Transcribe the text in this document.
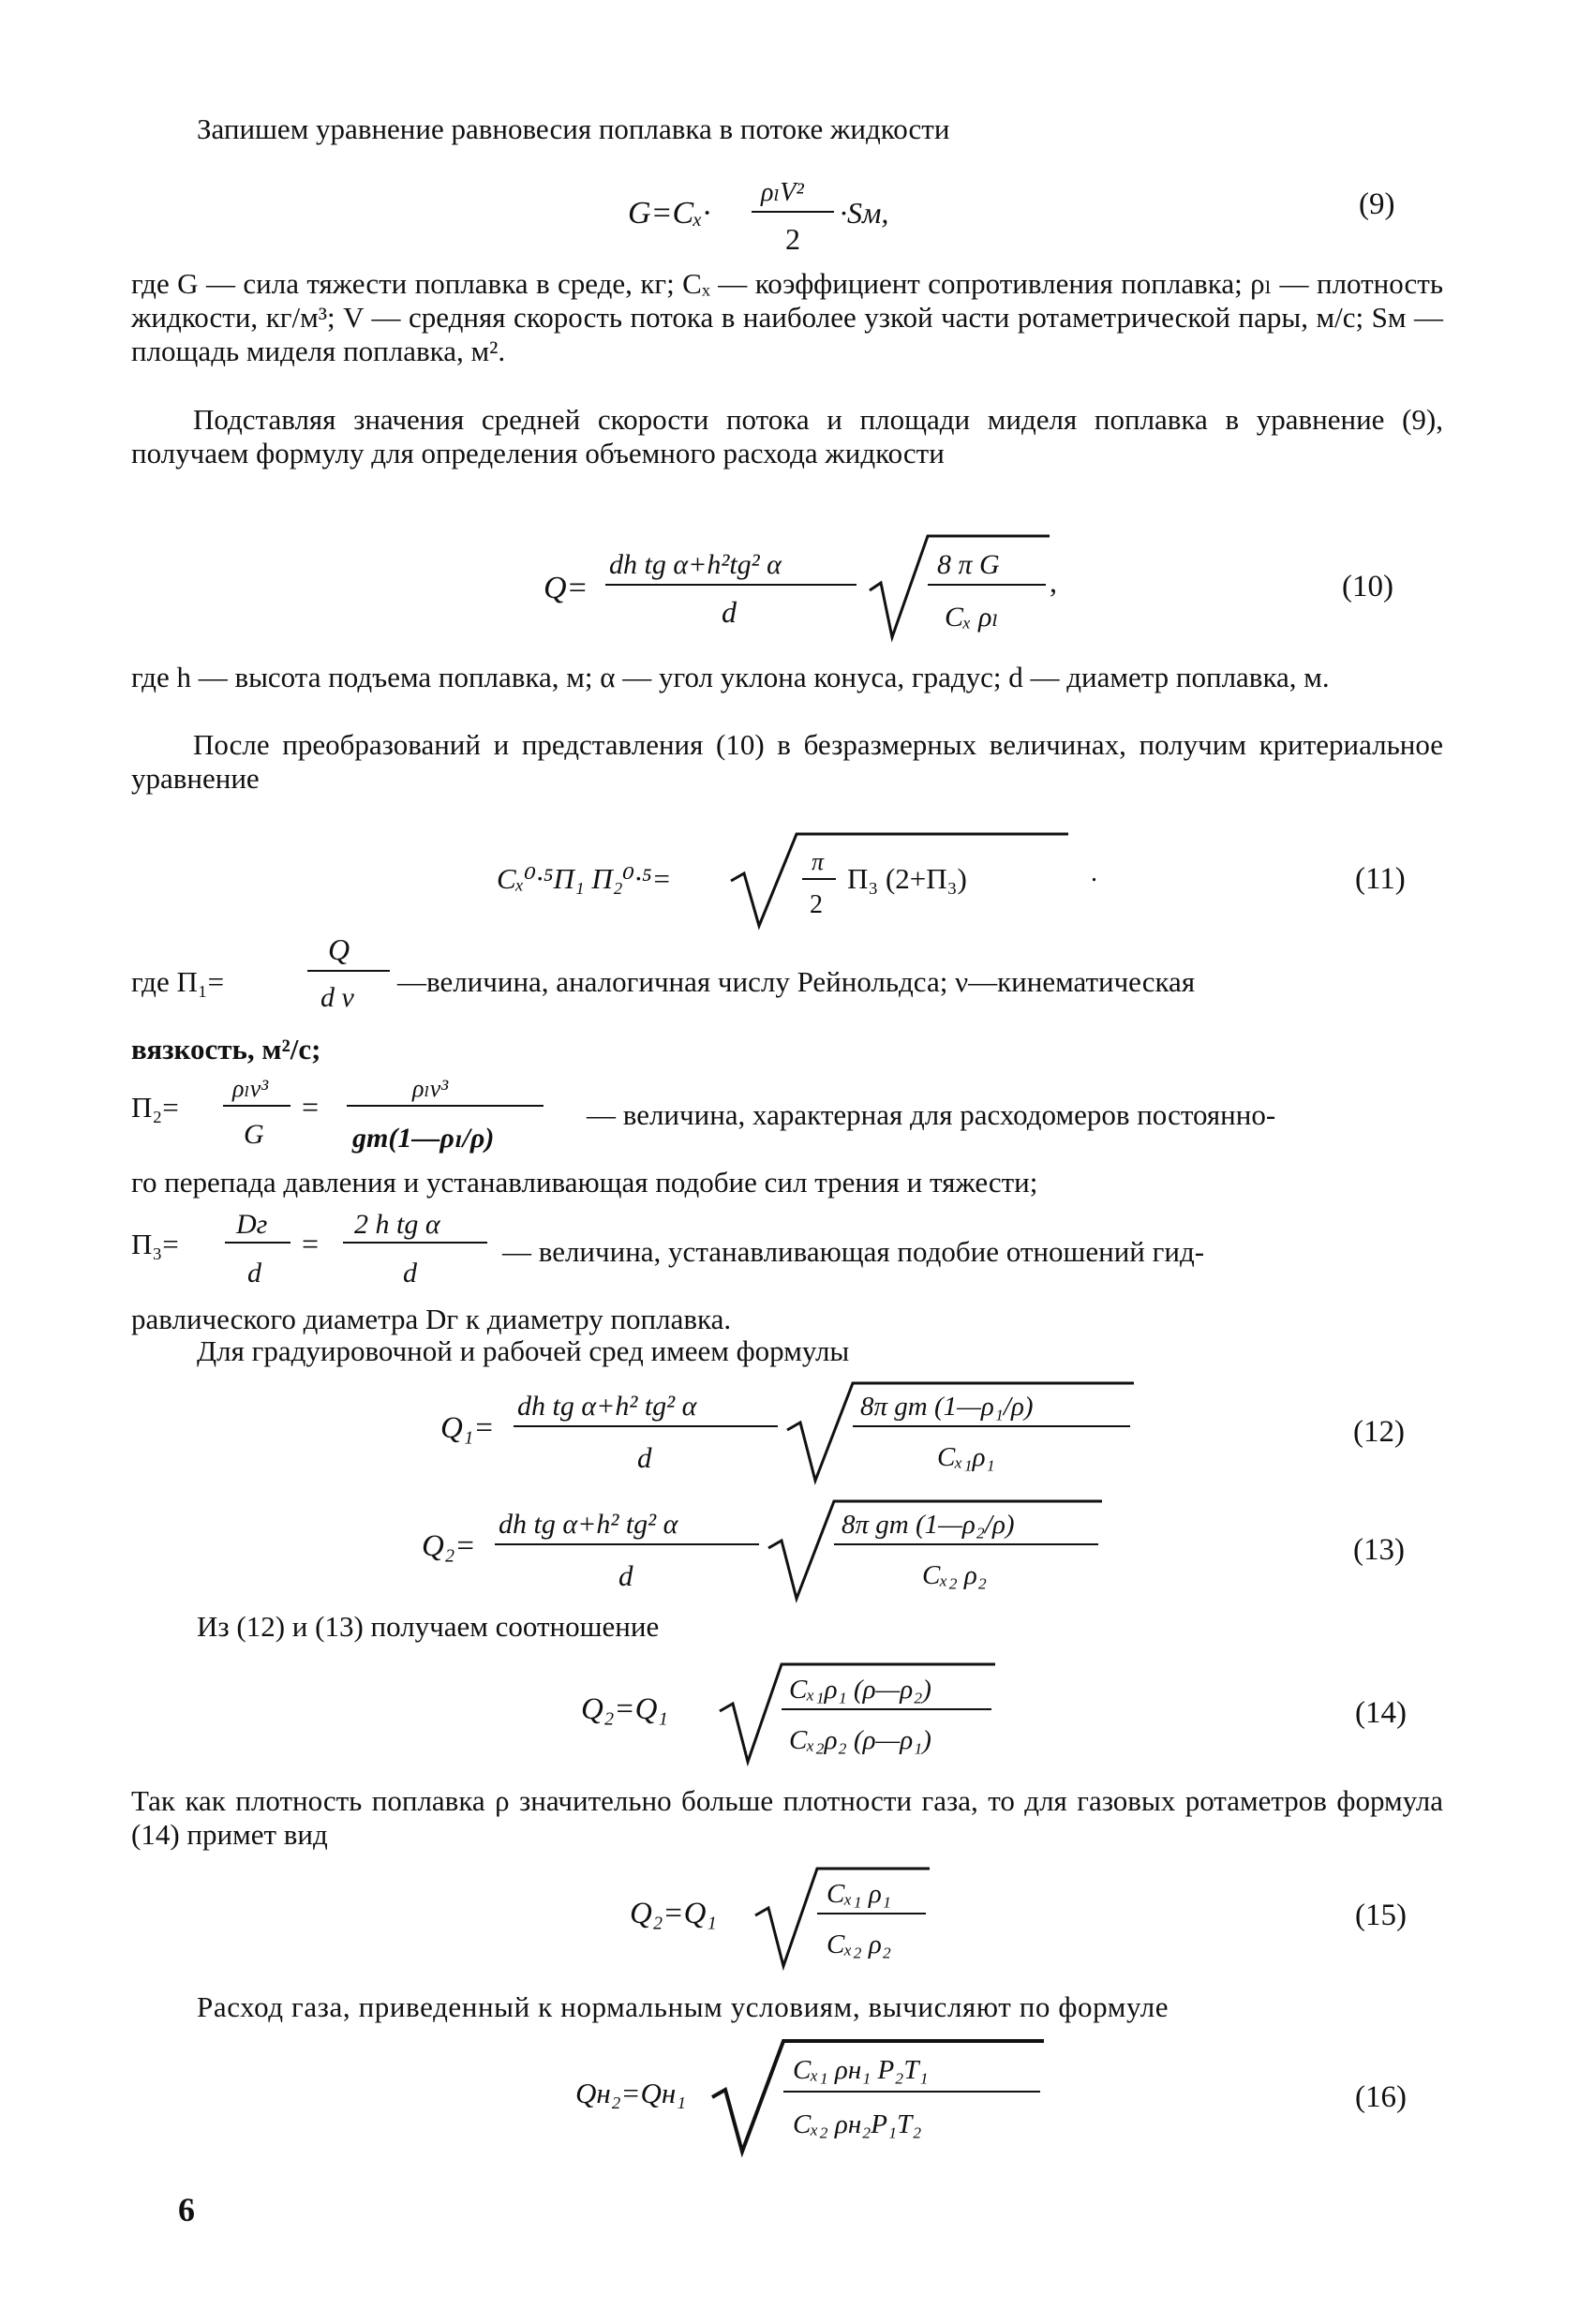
Запишем уравнение равновесия поплавка в потоке жидкости
G=Cₓ·
ρₗV²
2
·Sм,	(9)
где G — сила тяжести поплавка в среде, кг; Cₓ — коэффициент сопротивления поплавка; ρₗ — плотность жидкости, кг/м³; V — средняя скорость потока в наиболее узкой части ротаметрической пары, м/с; Sм — площадь миделя поплавка, м².
Подставляя значения средней скорости потока и площади миделя поплавка в уравнение (9), получаем формулу для определения объемного расхода жидкости
Q=
dh tg α+h²tg² α
d
8 π G
Cₓ ρₗ
,	(10)
где h — высота подъема поплавка, м; α — угол уклона конуса, градус; d — диаметр поплавка, м.
После преобразований и представления (10) в безразмерных величинах, получим критериальное уравнение
Cₓ⁰·⁵П₁ П₂⁰·⁵=
π
2
П₃ (2+П₃)	.	(11)
где П₁=
Q
d ν —величина, аналогичная числу Рейнольдса; ν—кинематическая
вязкость, м²/с;
П₂=
ρₗν³
G
=
ρₗν³
gm(1—ρₗ/ρ)
— величина, характерная для расходомеров постоянно-
го перепада давления и устанавливающая подобие сил трения и тяжести;
П₃=
Dг
d
=
2 h tg α
d
— величина, устанавливающая подобие отношений гид-
равлического диаметра Dг к диаметру поплавка.
Для градуировочной и рабочей сред имеем формулы
Q₁=
dh tg α+h² tg² α
d
8π gm (1—ρ₁/ρ)
Cₓ₁ρ₁
(12)
Q₂=
dh tg α+h² tg² α
d
8π gm (1—ρ₂/ρ)
Cₓ₂ ρ₂
(13)
Из (12) и (13) получаем соотношение
Q₂=Q₁
Cₓ₁ρ₁ (ρ—ρ₂)
Cₓ₂ρ₂ (ρ—ρ₁)
(14)
Так как плотность поплавка ρ значительно больше плотности газа, то для газовых ротаметров формула (14) примет вид
Q₂=Q₁
Cₓ₁ ρ₁
Cₓ₂ ρ₂
(15)
Расход газа, приведенный к нормальным условиям, вычисляют по формуле
Qн₂=Qн₁
Cₓ₁ ρн₁ P₂T₁
Cₓ₂ ρн₂P₁T₂
(16)
6
